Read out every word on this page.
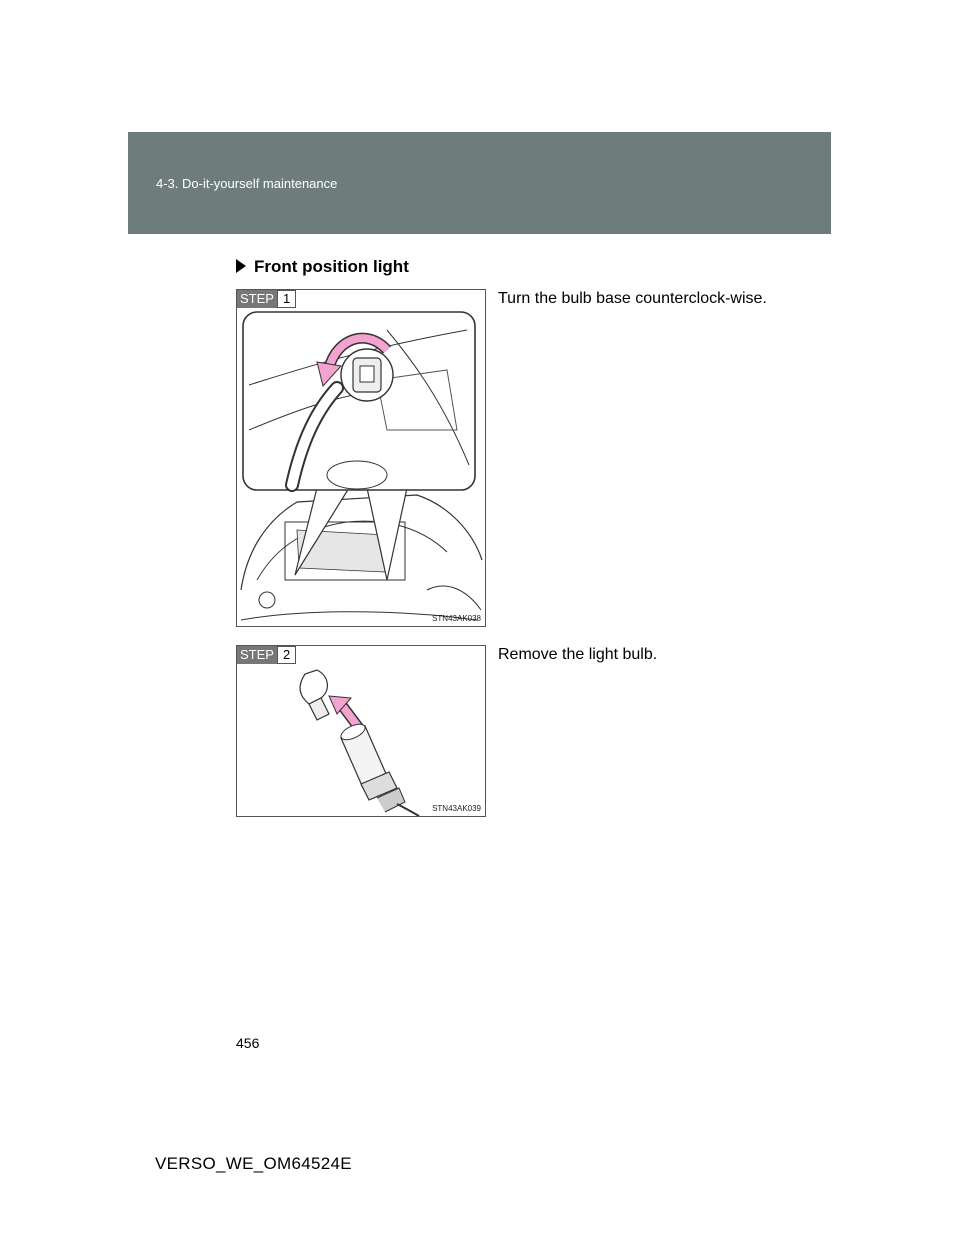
4-3. Do-it-yourself maintenance
Front position light
STEP 1
STN43AK038
Turn the bulb base counterclock-wise.
STEP 2
STN43AK039
Remove the light bulb.
456
VERSO_WE_OM64524E
